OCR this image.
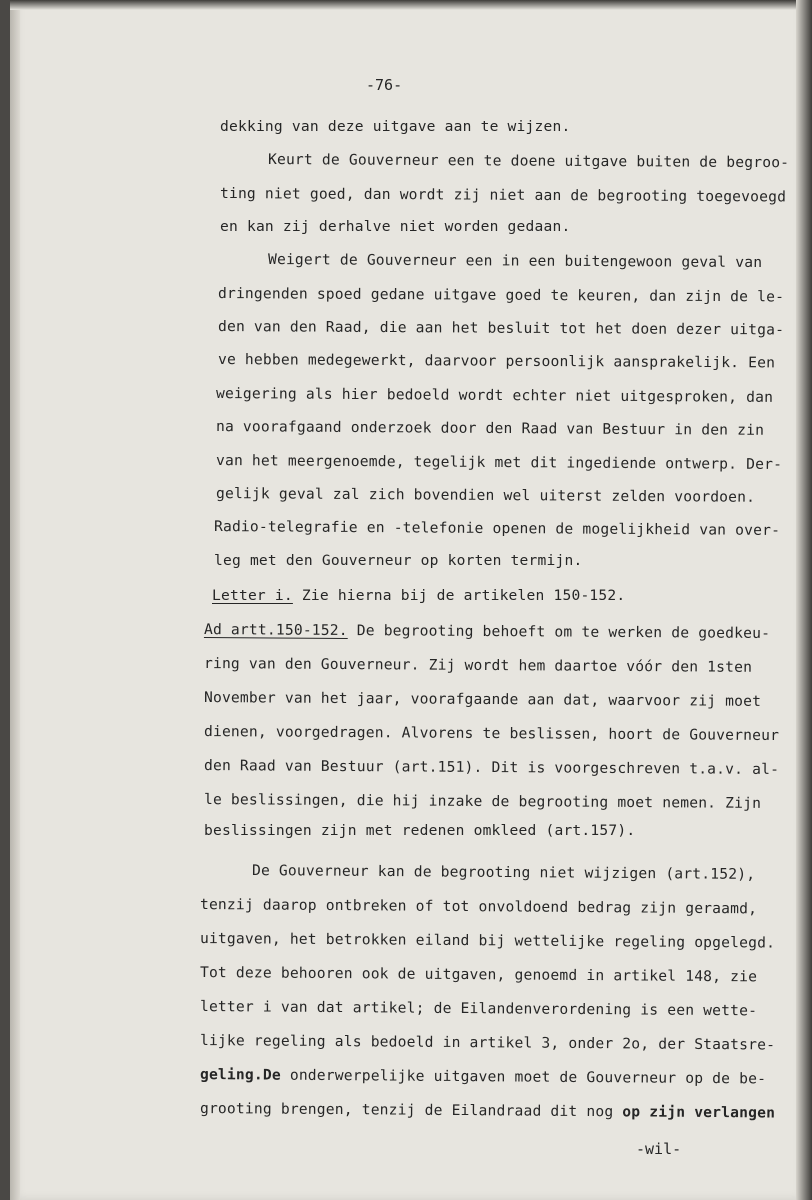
-76-
dekking van deze uitgave aan te wijzen.
Keurt de Gouverneur een te doene uitgave buiten de begroo-
ting niet goed, dan wordt zij niet aan de begrooting toegevoegd
en kan zij derhalve niet worden gedaan.
Weigert de Gouverneur een in een buitengewoon geval van
dringenden spoed gedane uitgave goed te keuren, dan zijn de le-
den van den Raad, die aan het besluit tot het doen dezer uitga-
ve hebben medegewerkt, daarvoor persoonlijk aansprakelijk. Een
weigering als hier bedoeld wordt echter niet uitgesproken, dan
na voorafgaand onderzoek door den Raad van Bestuur in den zin
van het meergenoemde, tegelijk met dit ingediende ontwerp. Der-
gelijk geval zal zich bovendien wel uiterst zelden voordoen.
Radio-telegrafie en -telefonie openen de mogelijkheid van over-
leg met den Gouverneur op korten termijn.
Letter i. Zie hierna bij de artikelen 150-152.
Ad artt.150-152. De begrooting behoeft om te werken de goedkeu-
ring van den Gouverneur. Zij wordt hem daartoe vóór den 1sten
November van het jaar, voorafgaande aan dat, waarvoor zij moet
dienen, voorgedragen. Alvorens te beslissen, hoort de Gouverneur
den Raad van Bestuur (art.151). Dit is voorgeschreven t.a.v. al-
le beslissingen, die hij inzake de begrooting moet nemen. Zijn
beslissingen zijn met redenen omkleed (art.157).
De Gouverneur kan de begrooting niet wijzigen (art.152),
tenzij daarop ontbreken of tot onvoldoend bedrag zijn geraamd,
uitgaven, het betrokken eiland bij wettelijke regeling opgelegd.
Tot deze behooren ook de uitgaven, genoemd in artikel 148, zie
letter i van dat artikel; de Eilandenverordening is een wette-
lijke regeling als bedoeld in artikel 3, onder 2o, der Staatsre-
geling.De onderwerpelijke uitgaven moet de Gouverneur op de be-
grooting brengen, tenzij de Eilandraad dit nog op zijn verlangen
-wil-
